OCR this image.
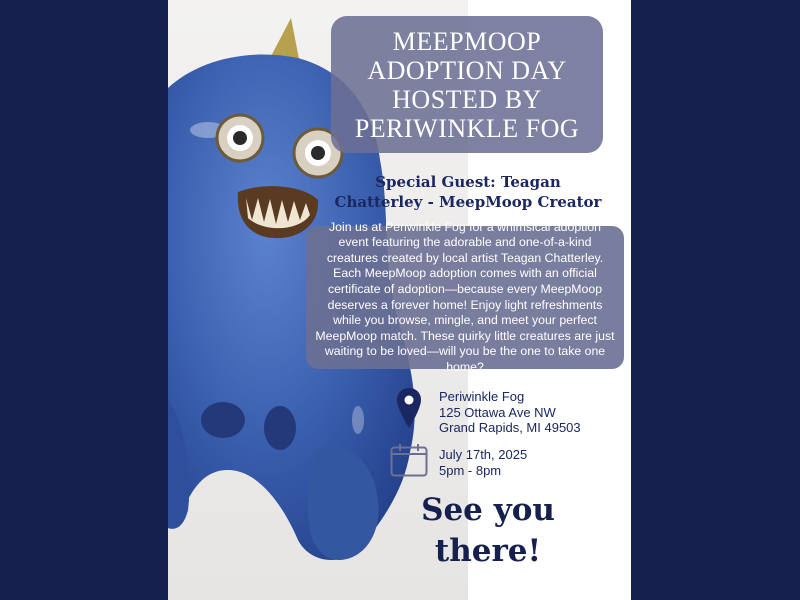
MEEPMOOP
ADOPTION DAY
HOSTED BY
PERIWINKLE FOG
Special Guest: Teagan
Chatterley - MeepMoop Creator
Join us at Periwinkle Fog for a whimsical adoption event featuring the adorable and one-of-a-kind creatures created by local artist Teagan Chatterley. Each MeepMoop adoption comes with an official certificate of adoption—because every MeepMoop deserves a forever home! Enjoy light refreshments while you browse, mingle, and meet your perfect MeepMoop match. These quirky little creatures are just waiting to be loved—will you be the one to take one home?
Periwinkle Fog
125 Ottawa Ave NW
Grand Rapids, MI 49503
July 17th, 2025
5pm - 8pm
See you
there!
